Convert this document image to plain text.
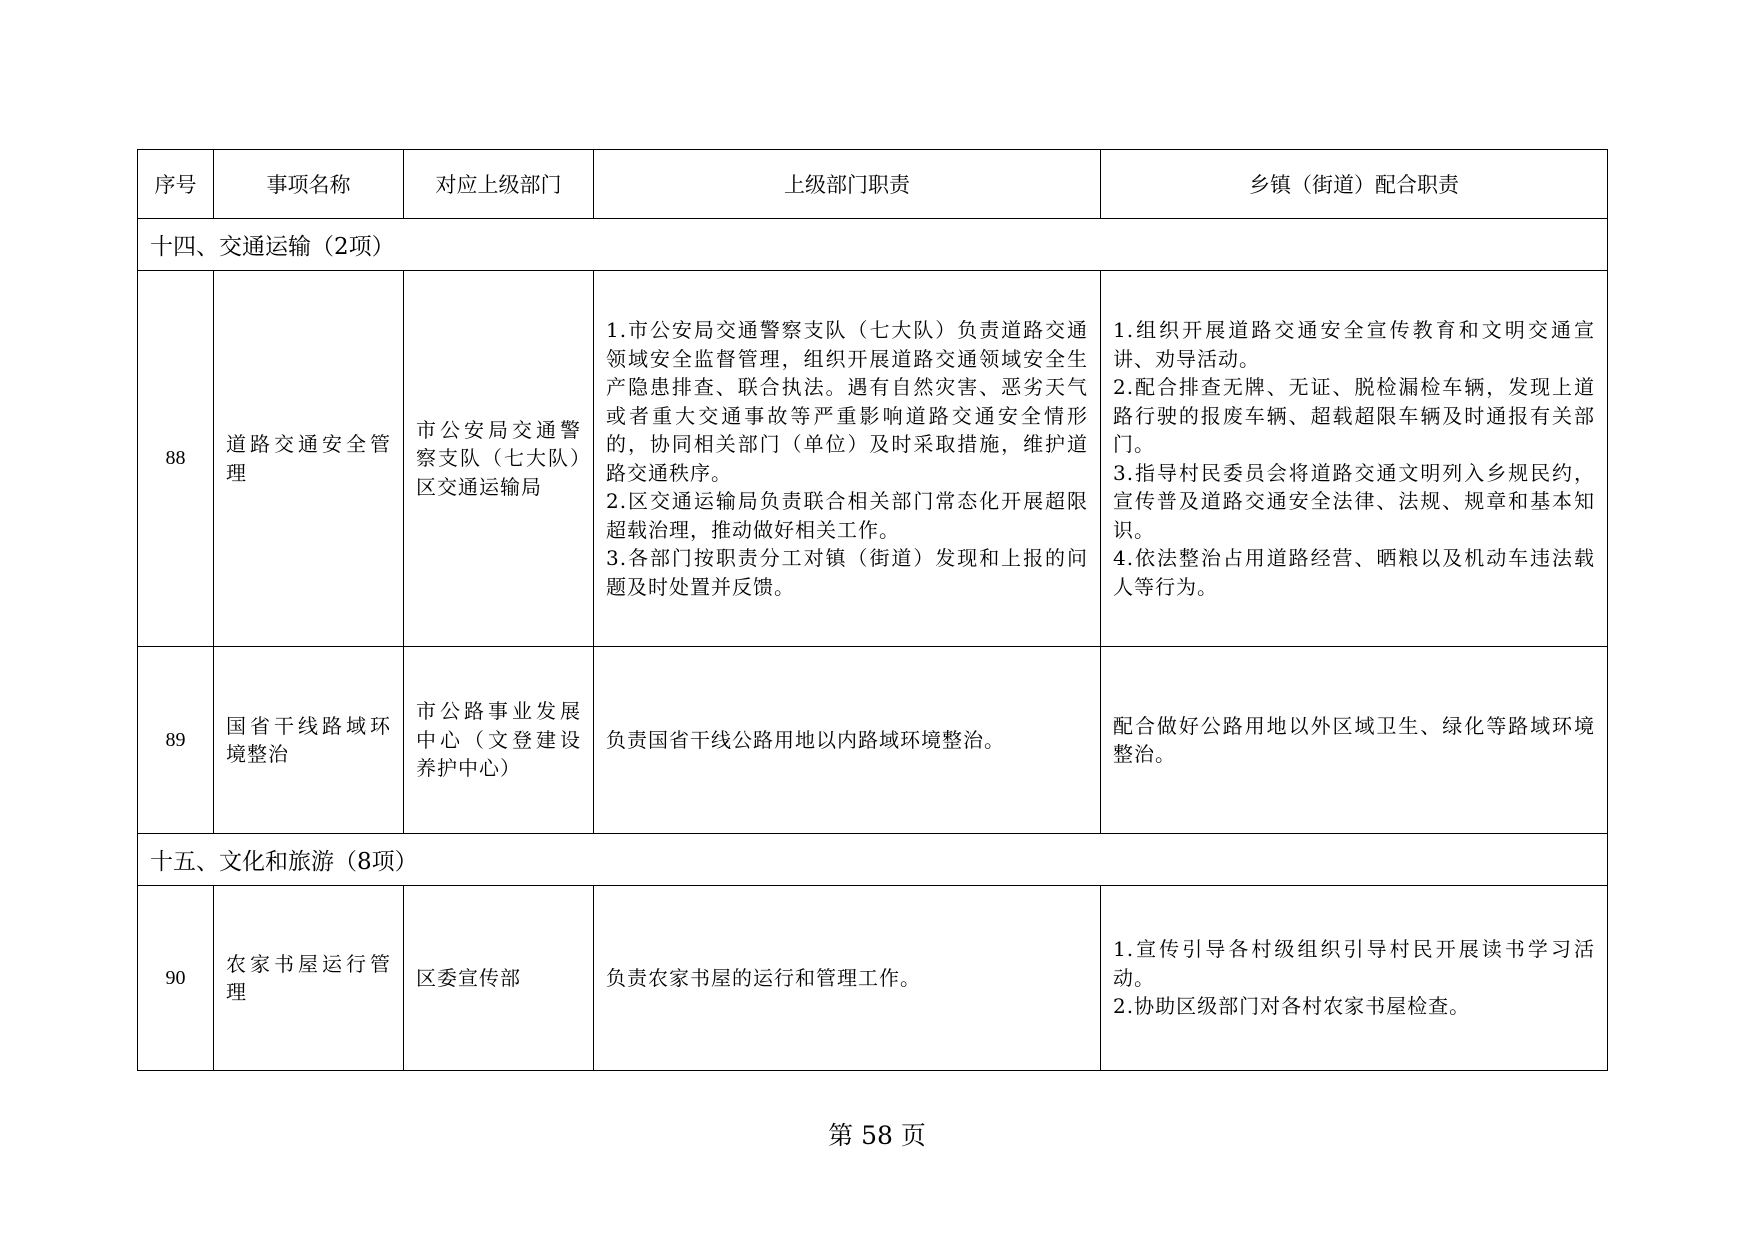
序号	事项名称	对应上级部门	上级部门职责	乡镇（街道）配合职责
十四、交通运输（2项）				
88	道路交通安全管理	市公安局交通警察支队（七大队）区交通运输局	1.市公安局交通警察支队（七大队）负责道路交通领域安全监督管理，组织开展道路交通领域安全生产隐患排查、联合执法。遇有自然灾害、恶劣天气或者重大交通事故等严重影响道路交通安全情形的，协同相关部门（单位）及时采取措施，维护道路交通秩序。
2.区交通运输局负责联合相关部门常态化开展超限超载治理，推动做好相关工作。
3.各部门按职责分工对镇（街道）发现和上报的问题及时处置并反馈。	1.组织开展道路交通安全宣传教育和文明交通宣讲、劝导活动。
2.配合排查无牌、无证、脱检漏检车辆，发现上道路行驶的报废车辆、超载超限车辆及时通报有关部门。
3.指导村民委员会将道路交通文明列入乡规民约，宣传普及道路交通安全法律、法规、规章和基本知识。
4.依法整治占用道路经营、晒粮以及机动车违法载人等行为。

89	国省干线路域环境整治	市公路事业发展中心（文登建设养护中心）	负责国省干线公路用地以内路域环境整治。	配合做好公路用地以外区域卫生、绿化等路域环境整治。

十五、文化和旅游（8项）				
90	农家书屋运行管理	区委宣传部	负责农家书屋的运行和管理工作。	1.宣传引导各村级组织引导村民开展读书学习活动。
2.协助区级部门对各村农家书屋检查。
第 58 页
